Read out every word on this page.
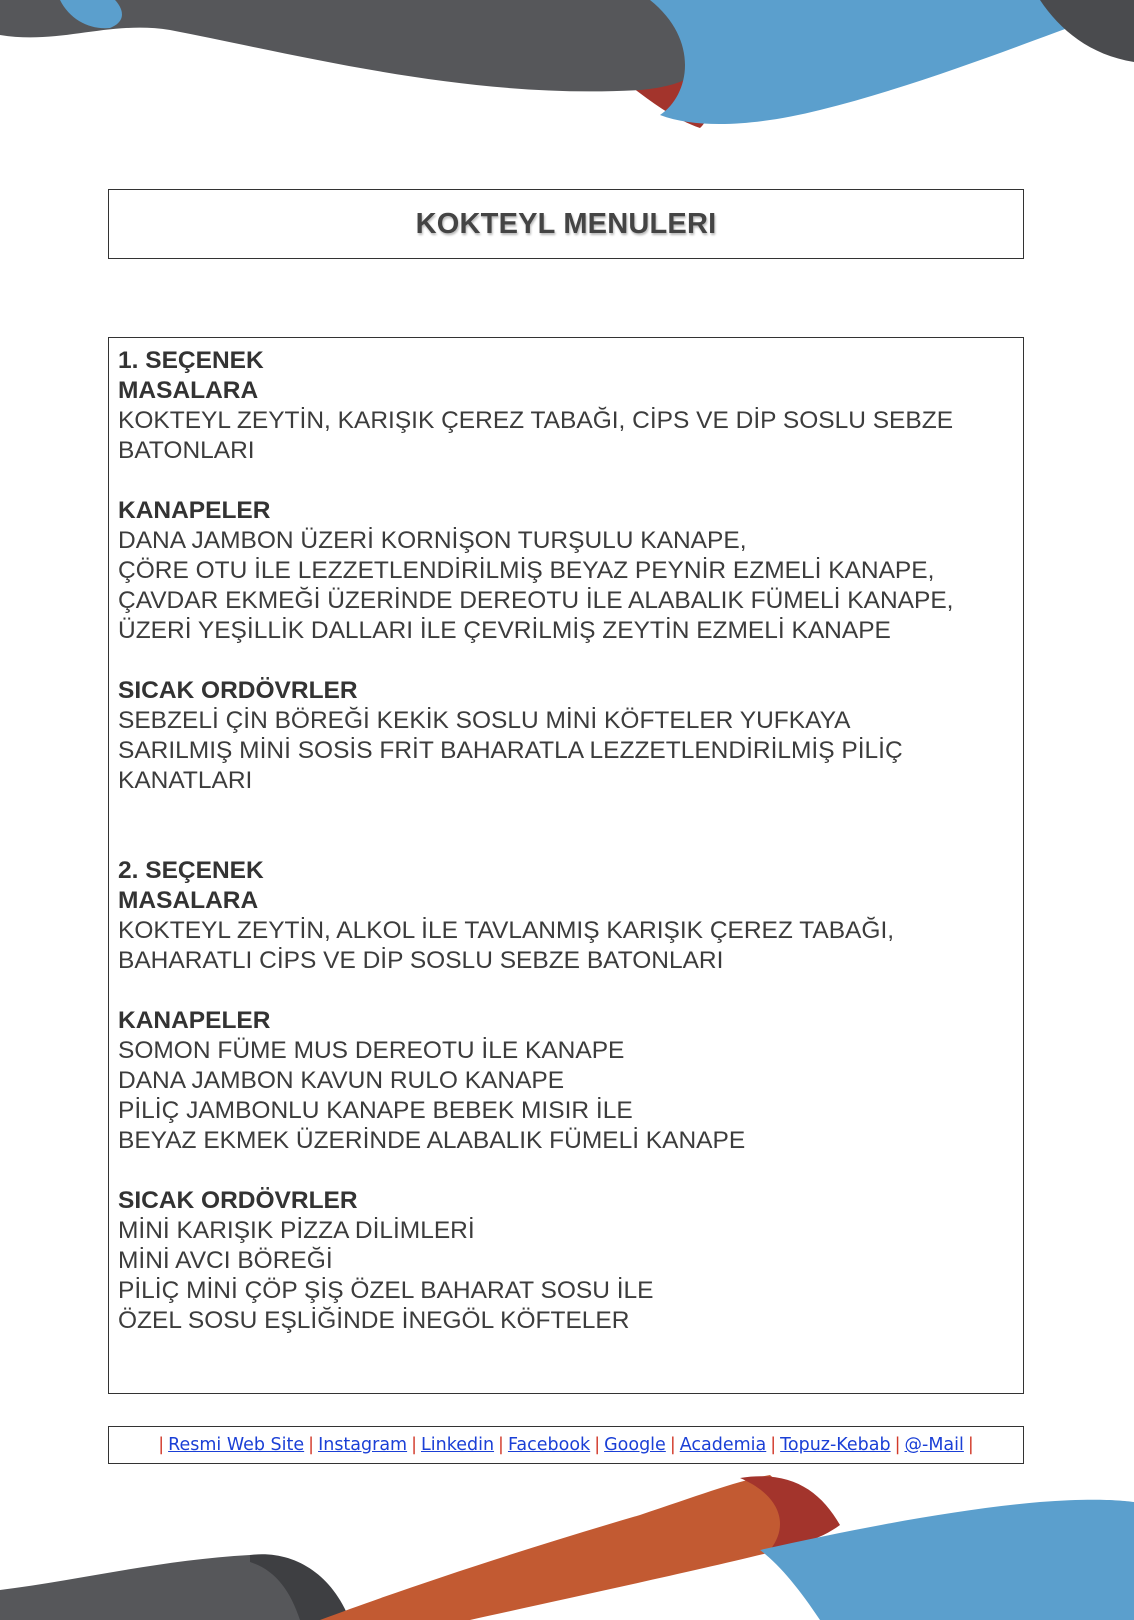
KOKTEYL MENULERI
1. SEÇENEK
MASALARA
KOKTEYL ZEYTİN, KARIŞIK ÇEREZ TABAĞI, CİPS VE DİP SOSLU SEBZE
BATONLARI
KANAPELER
DANA JAMBON ÜZERİ KORNİŞON TURŞULU KANAPE,
ÇÖRE OTU İLE LEZZETLENDİRİLMİŞ BEYAZ PEYNİR EZMELİ KANAPE,
ÇAVDAR EKMEĞİ ÜZERİNDE DEREOTU İLE ALABALIK FÜMELİ KANAPE,
ÜZERİ YEŞİLLİK DALLARI İLE ÇEVRİLMİŞ ZEYTİN EZMELİ KANAPE
SICAK ORDÖVRLER
SEBZELİ ÇİN BÖREĞİ KEKİK SOSLU MİNİ KÖFTELER YUFKAYA
SARILMIŞ MİNİ SOSİS FRİT BAHARATLA LEZZETLENDİRİLMİŞ PİLİÇ
KANATLARI
2. SEÇENEK
MASALARA
KOKTEYL ZEYTİN, ALKOL İLE TAVLANMIŞ KARIŞIK ÇEREZ TABAĞI,
BAHARATLI CİPS VE DİP SOSLU SEBZE BATONLARI
KANAPELER
SOMON FÜME MUS DEREOTU İLE KANAPE
DANA JAMBON KAVUN RULO KANAPE
PİLİÇ JAMBONLU KANAPE BEBEK MISIR İLE
BEYAZ EKMEK ÜZERİNDE ALABALIK FÜMELİ KANAPE
SICAK ORDÖVRLER
MİNİ KARIŞIK PİZZA DİLİMLERİ
MİNİ AVCI BÖREĞİ
PİLİÇ MİNİ ÇÖP ŞİŞ ÖZEL BAHARAT SOSU İLE
ÖZEL SOSU EŞLİĞİNDE İNEGÖL KÖFTELER
| Resmi Web Site | Instagram | Linkedin | Facebook | Google | Academia | Topuz-Kebab | @-Mail |
